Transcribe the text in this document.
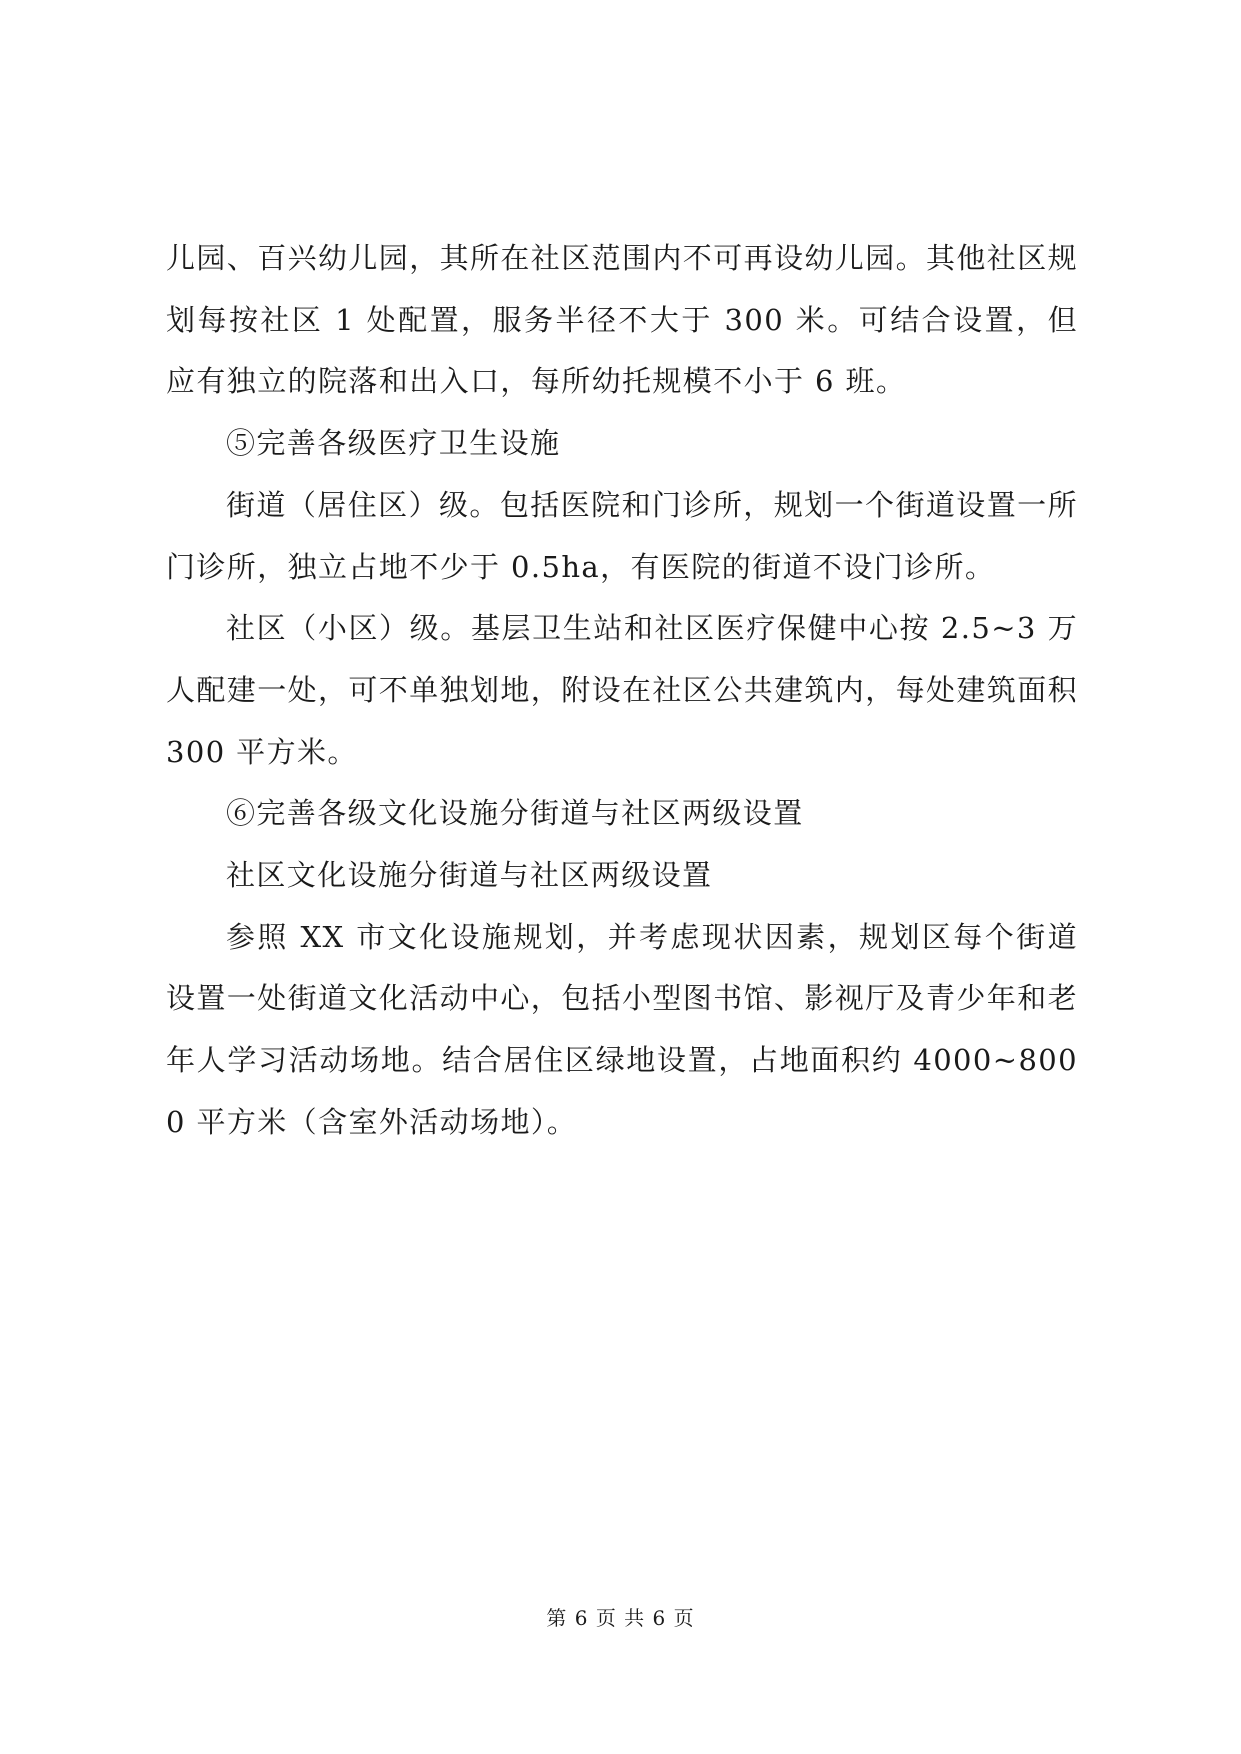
儿园、百兴幼儿园，其所在社区范围内不可再设幼儿园。其他社区规划每按社区 1 处配置，服务半径不大于 300 米。可结合设置，但应有独立的院落和出入口，每所幼托规模不小于 6 班。

⑤完善各级医疗卫生设施

街道（居住区）级。包括医院和门诊所，规划一个街道设置一所门诊所，独立占地不少于 0.5ha，有医院的街道不设门诊所。

社区（小区）级。基层卫生站和社区医疗保健中心按 2.5~3 万人配建一处，可不单独划地，附设在社区公共建筑内，每处建筑面积 300 平方米。

⑥完善各级文化设施分街道与社区两级设置

社区文化设施分街道与社区两级设置

参照 XX 市文化设施规划，并考虑现状因素，规划区每个街道设置一处街道文化活动中心，包括小型图书馆、影视厅及青少年和老年人学习活动场地。结合居住区绿地设置，占地面积约 4000~8000 平方米（含室外活动场地）。

第 6 页 共 6 页
